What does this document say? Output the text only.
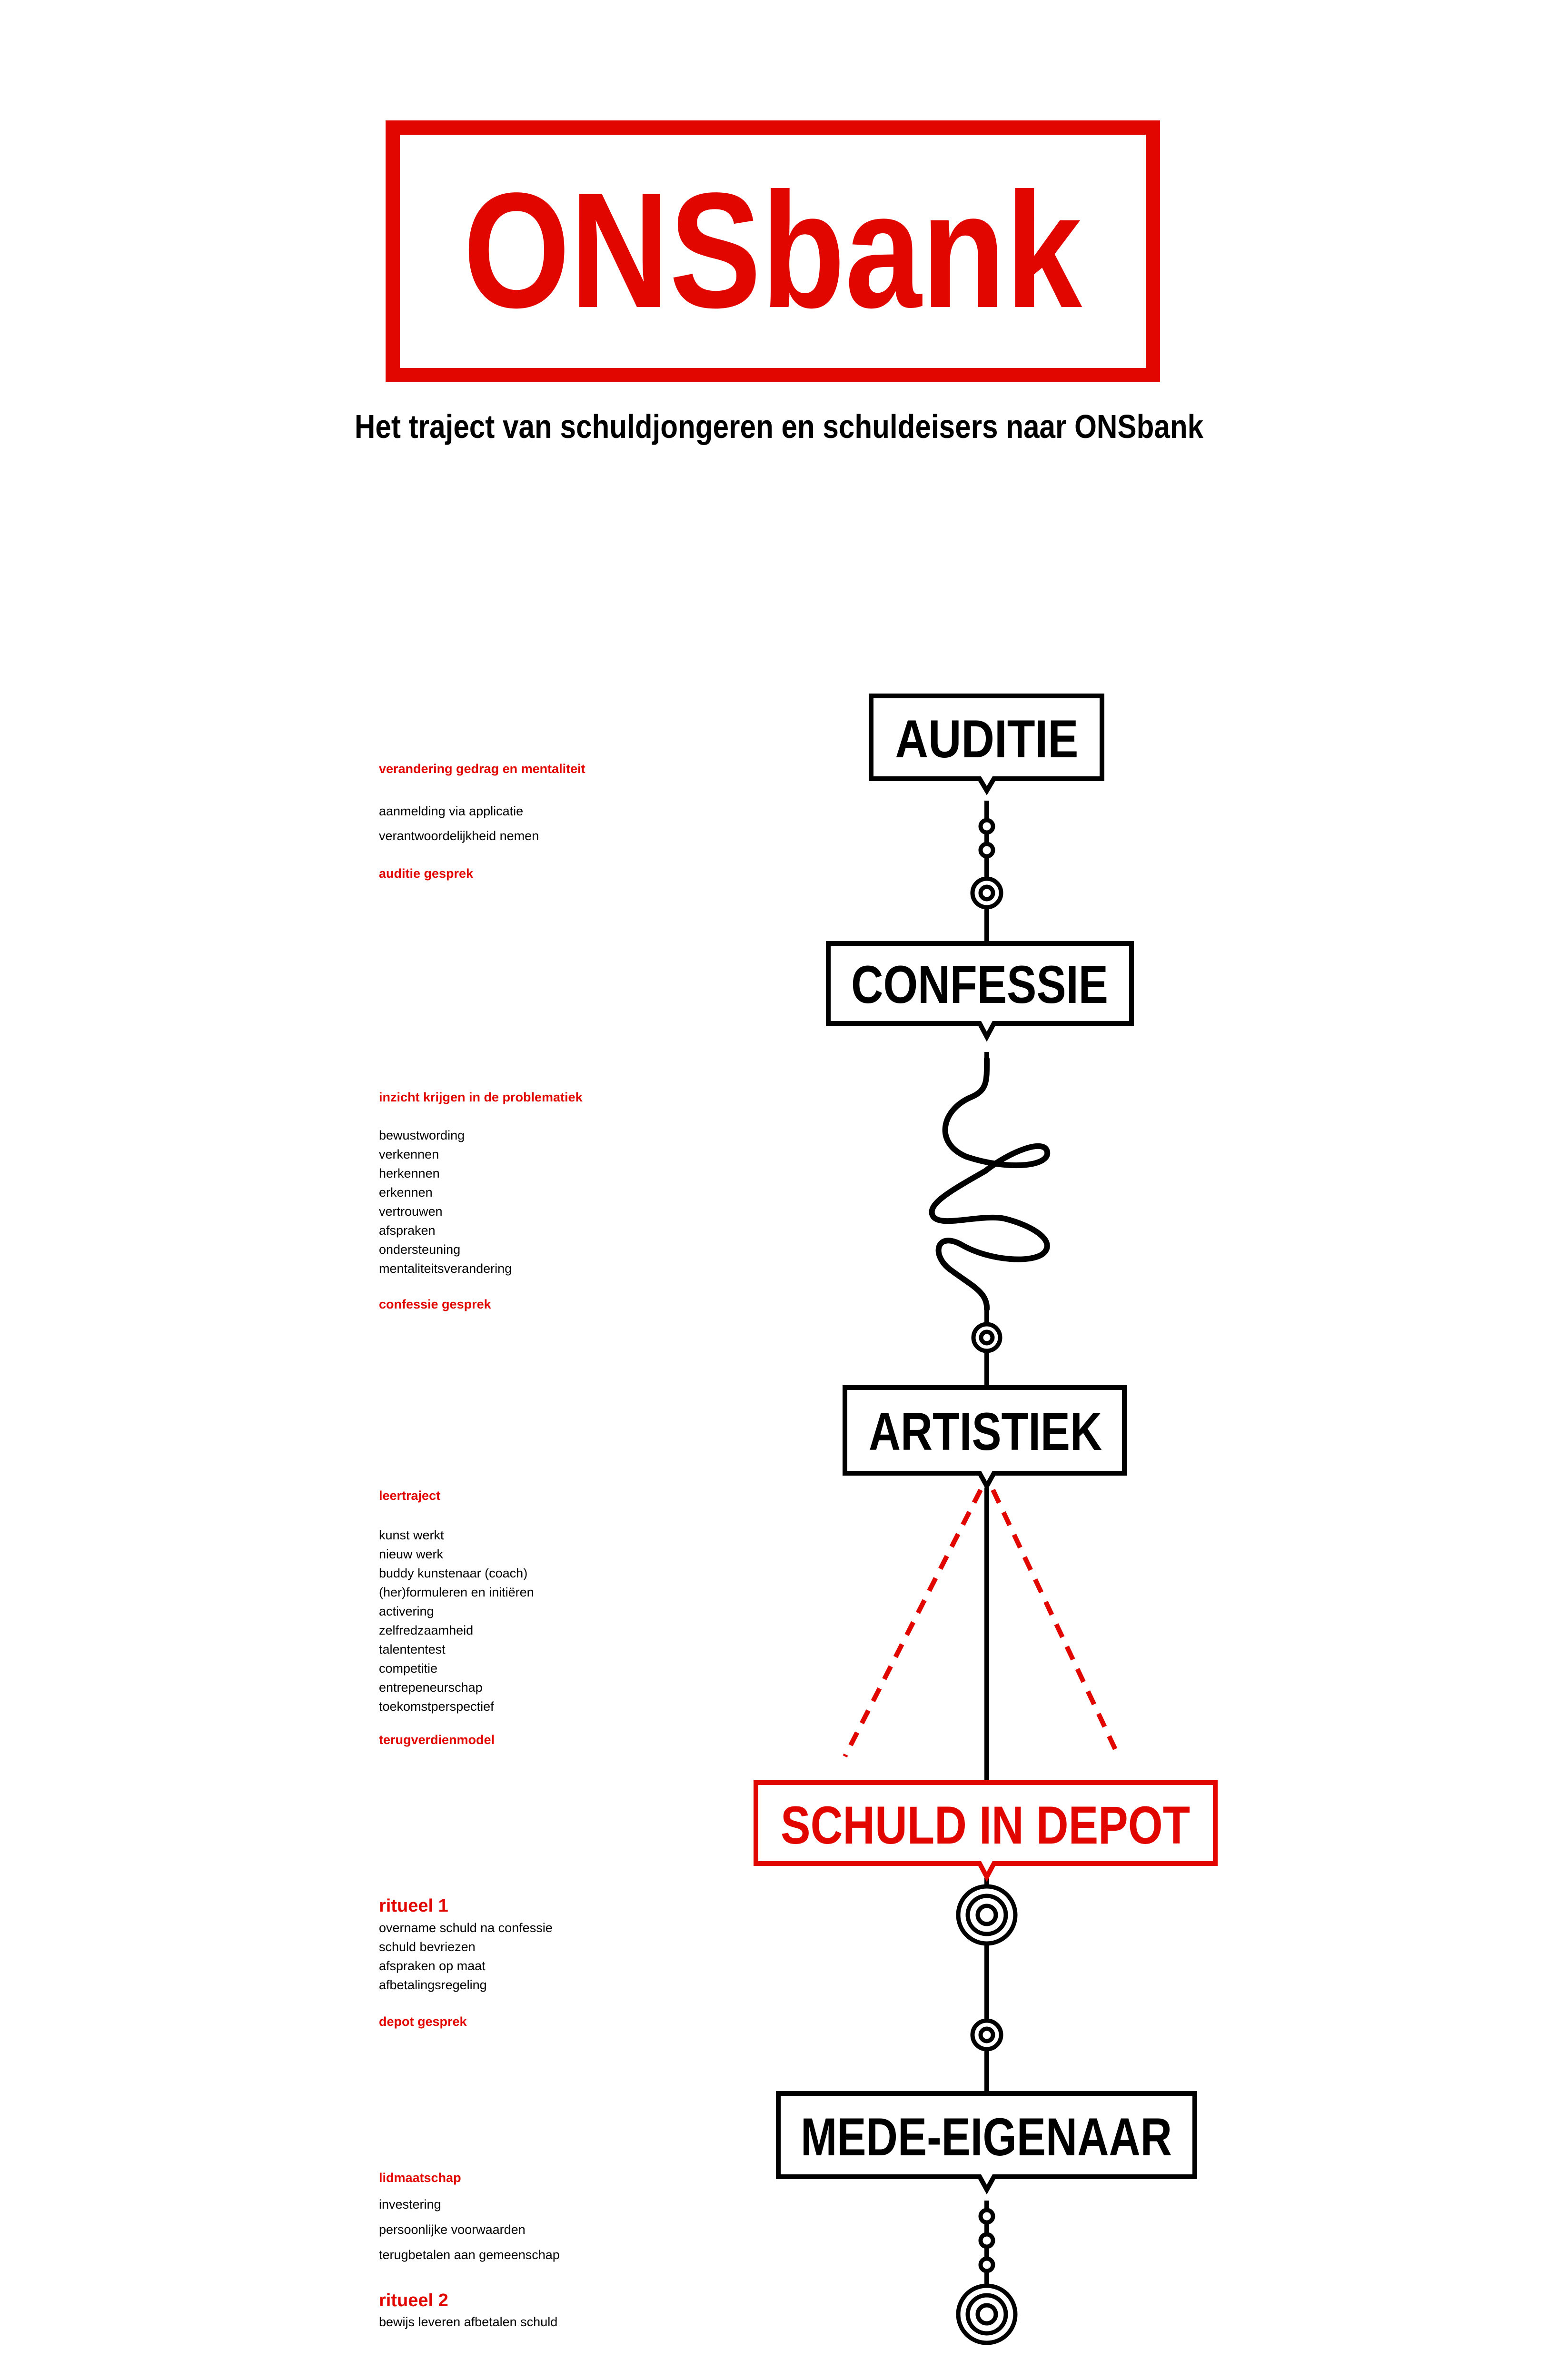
ONSbank
AUDITIE
CONFESSIE
ARTISTIEK
SCHULD IN DEPOT
MEDE-EIGENAAR
Het traject van schuldjongeren en schuldeisers naar ONSbank
verandering gedrag en mentaliteit
aanmelding via applicatie
verantwoordelijkheid nemen
auditie gesprek
inzicht krijgen in de problematiek
bewustwording
verkennen
herkennen
erkennen
vertrouwen
afspraken
ondersteuning
mentaliteitsverandering
confessie gesprek
leertraject
kunst werkt
nieuw werk
buddy kunstenaar (coach)
(her)formuleren en initiëren
activering
zelfredzaamheid
talententest
competitie
entrepeneurschap
toekomstperspectief
terugverdienmodel
ritueel 1
overname schuld na confessie
schuld bevriezen
afspraken op maat
afbetalingsregeling
depot gesprek
lidmaatschap
investering
persoonlijke voorwaarden
terugbetalen aan gemeenschap
ritueel 2
bewijs leveren afbetalen schuld
